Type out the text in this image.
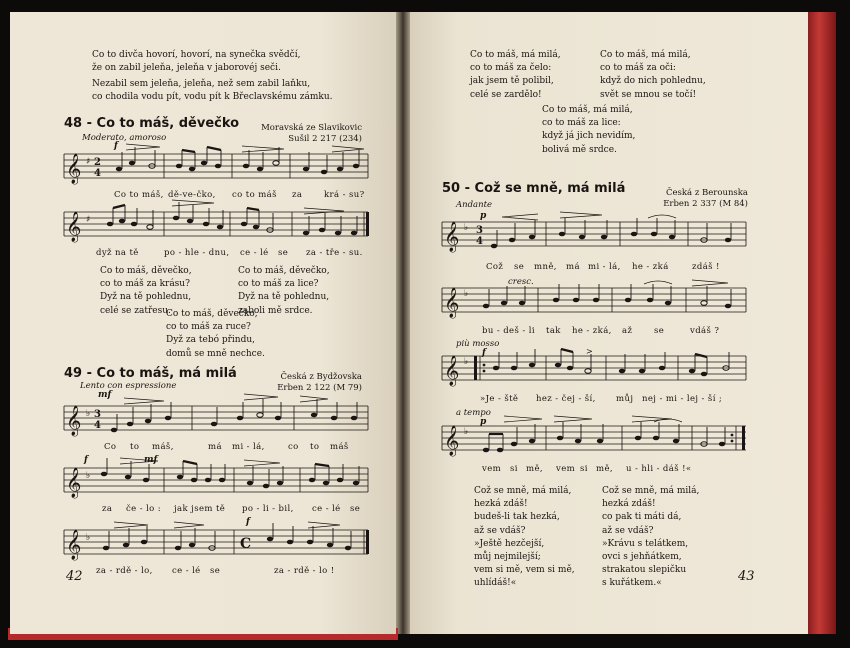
Co to divča hovorí, hovorí, na synečka svědčí,
že on zabil jeleňa, jeleňa v jaborovéj seči.
Nezabil sem jeleňa, jeleňa, než sem zabil laňku,
co chodila vodu pít, vodu pít k Břeclavskému zámku.
48 - Co to máš, děvečko	Moravská ze Slavikovic
Sušil 2 217 (234)
Moderato, amoroso
f
𝄞 ♯ 2
4
Co to máš, dě-ve-čko, co to máš za	krá - su?
𝄞 ♯
dyž na tě	po - hle - dnu, ce - lé se za - tře - su.
Co to máš, děvečko,
co to máš za krásu?
Dyž na tě pohlednu,
celé se zatřesu.
Co to máš, děvečko,
co to máš za lice?
Dyž na tě pohlednu,
zaboli mě srdce.
Co to máš, děvečko,
co to máš za ruce?
Dyž za tebó přindu,
domů se mně nechce.
49 - Co to máš, má milá	Česká z Bydžovska
Erben 2 122 (M 79)
Lento con espressione
mf
𝄞 ♭ 3
4
Co to máš,	má mi - lá,	co to máš
f	mf
𝄞 ♭
za če - lo : jak jsem tě po - li - bil, ce - lé se
f
𝄞 ♭	C
za - rdě - lo, ce - lé se	za - rdě - lo !
42
Co to máš, má milá,
co to máš za čelo:
jak jsem tě polibil,
celé se zardělo!
Co to máš, má milá,
co to máš za oči:
když do nich pohlednu,
svět se mnou se točí!
Co to máš, má milá,
co to máš za lice:
když já jich nevidím,
bolivá mě srdce.
50 - Což se mně, má milá	Česká z Berounska
Erben 2 337 (M 84)
Andante
p
𝄞 ♭ 3
4
Což se mně, má mi - lá, he - zká	zdáš !
cresc.
𝄞 ♭
bu - deš - li tak he - zká, až	se	vdáš ?
più mosso
f
𝄞 ♭
>
»Je - ště hez - čej - ší, můj nej - mi - lej - ší ;
a tempo
p
𝄞 ♭
vem si mě, vem si mě, u - hli - dáš !«
Což se mně, má milá,
hezká zdáš!
budeš-li tak hezká,
až se vdáš?
»Ještě hezčejší,
můj nejmilejší;
vem si mě, vem si mě,
uhlídáš!«
Což se mně, má milá,
hezká zdáš!
co pak ti máti dá,
až se vdáš?
»Krávu s telátkem,
ovci s jehňátkem,
strakatou slepičku
s kuřátkem.«	43
